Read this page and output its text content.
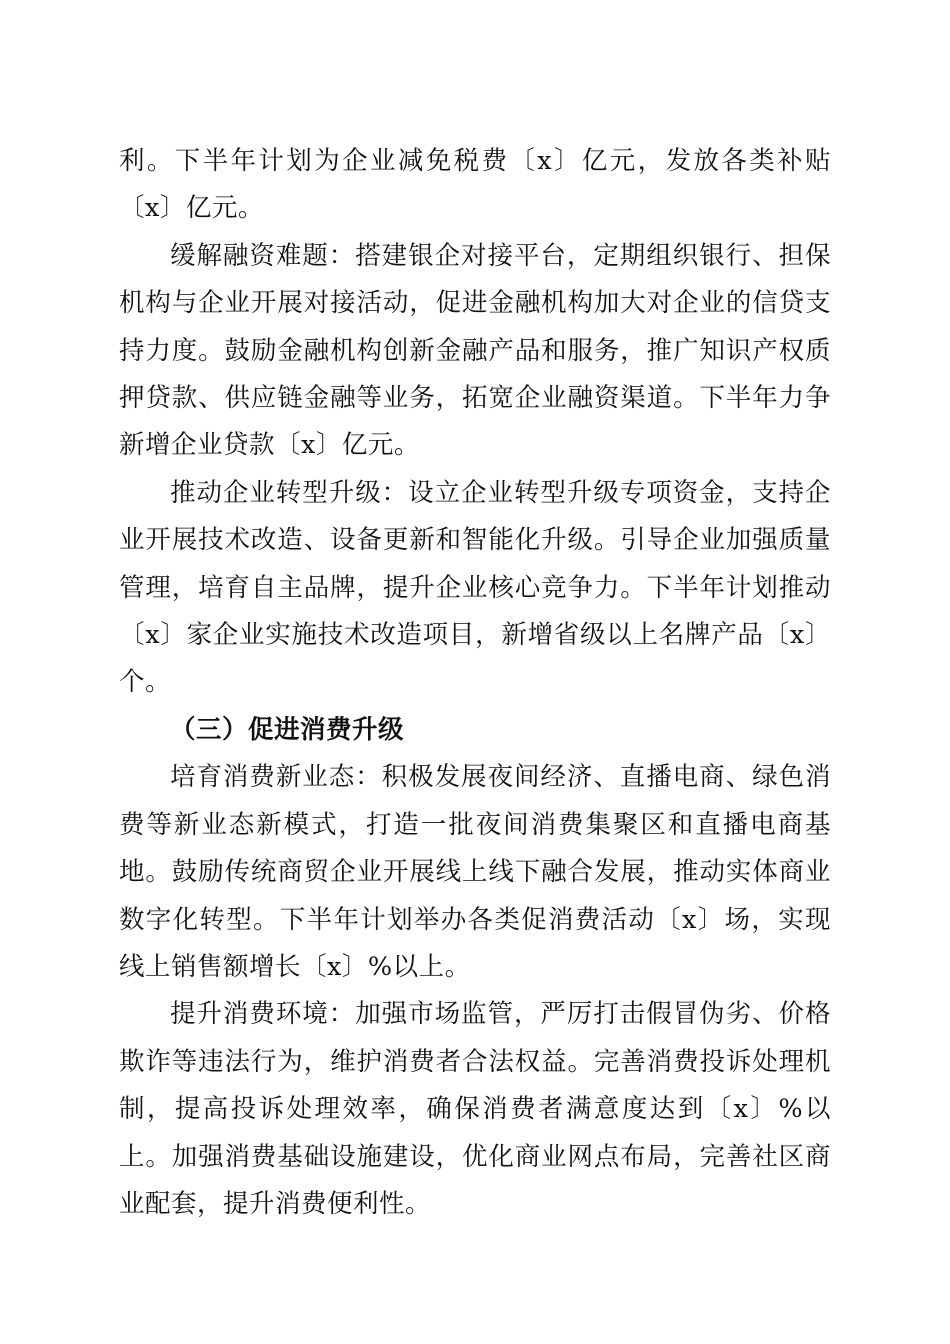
利。下半年计划为企业减免税费〔x〕亿元，发放各类补贴〔x〕亿元。

缓解融资难题：搭建银企对接平台，定期组织银行、担保机构与企业开展对接活动，促进金融机构加大对企业的信贷支持力度。鼓励金融机构创新金融产品和服务，推广知识产权质押贷款、供应链金融等业务，拓宽企业融资渠道。下半年力争新增企业贷款〔x〕亿元。

推动企业转型升级：设立企业转型升级专项资金，支持企业开展技术改造、设备更新和智能化升级。引导企业加强质量管理，培育自主品牌，提升企业核心竞争力。下半年计划推动〔x〕家企业实施技术改造项目，新增省级以上名牌产品〔x〕个。

（三）促进消费升级

培育消费新业态：积极发展夜间经济、直播电商、绿色消费等新业态新模式，打造一批夜间消费集聚区和直播电商基地。鼓励传统商贸企业开展线上线下融合发展，推动实体商业数字化转型。下半年计划举办各类促消费活动〔x〕场，实现线上销售额增长〔x〕%以上。

提升消费环境：加强市场监管，严厉打击假冒伪劣、价格欺诈等违法行为，维护消费者合法权益。完善消费投诉处理机制，提高投诉处理效率，确保消费者满意度达到〔x〕%以上。加强消费基础设施建设，优化商业网点布局，完善社区商业配套，提升消费便利性。
